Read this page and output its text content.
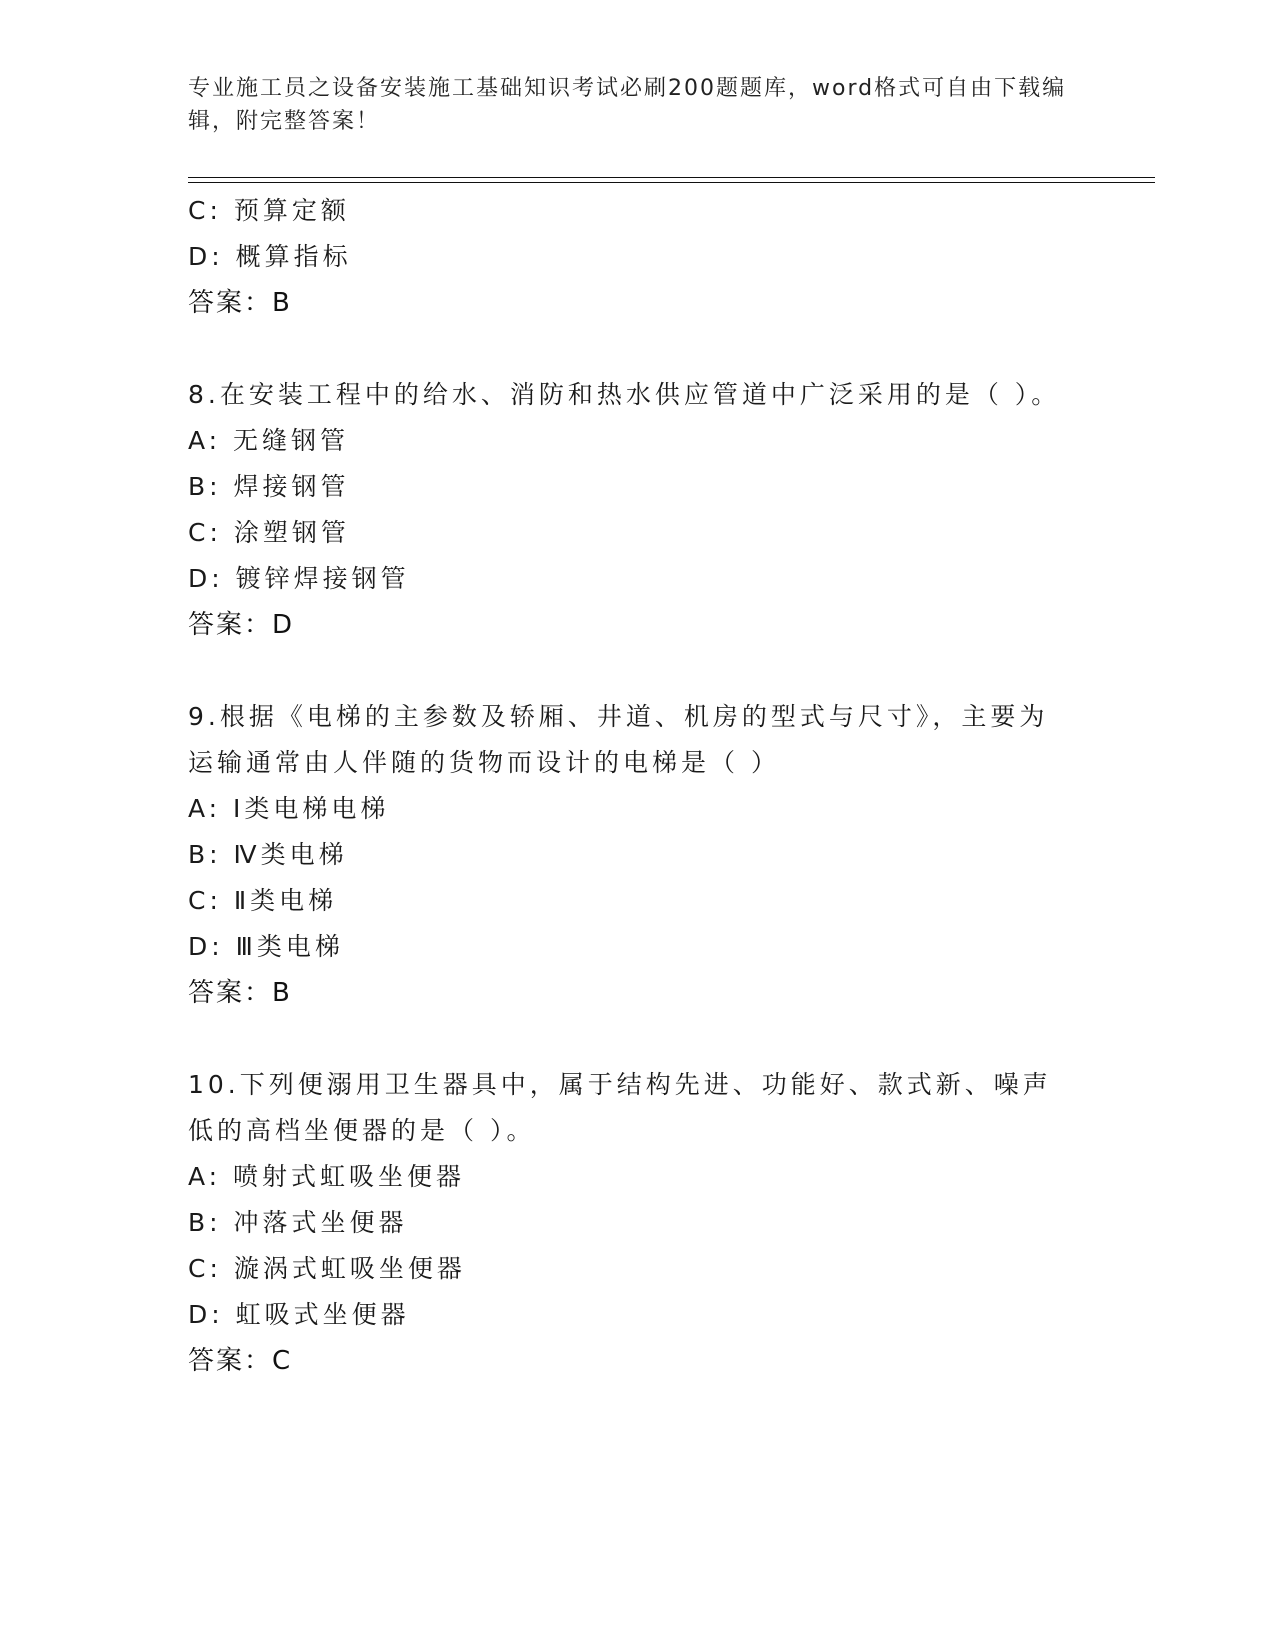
专业施工员之设备安装施工基础知识考试必刷200题题库，word格式可自由下载编辑，附完整答案！
C: 预算定额
D: 概算指标
答案：B
8.在安装工程中的给水、消防和热水供应管道中广泛采用的是（ ）。
A: 无缝钢管
B: 焊接钢管
C: 涂塑钢管
D: 镀锌焊接钢管
答案：D
9.根据《电梯的主参数及轿厢、井道、机房的型式与尺寸》，主要为运输通常由人伴随的货物而设计的电梯是（ ）
A: Ⅰ类电梯电梯
B: Ⅳ类电梯
C: Ⅱ类电梯
D: Ⅲ类电梯
答案：B
10.下列便溺用卫生器具中，属于结构先进、功能好、款式新、噪声低的高档坐便器的是（ ）。
A: 喷射式虹吸坐便器
B: 冲落式坐便器
C: 漩涡式虹吸坐便器
D: 虹吸式坐便器
答案：C
